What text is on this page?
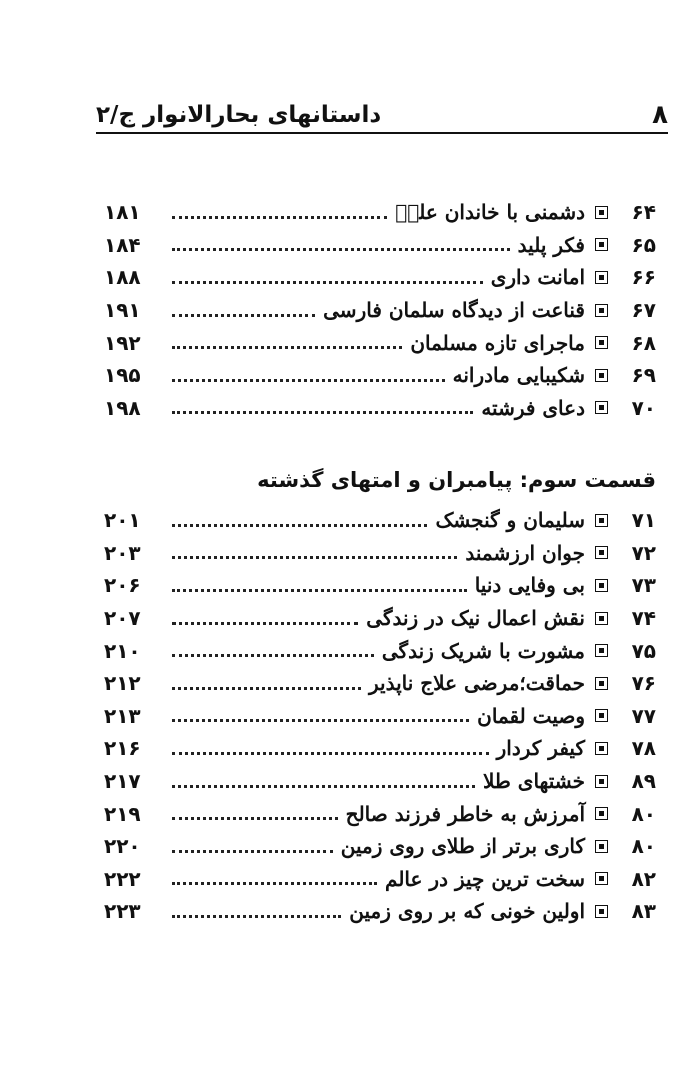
۸
داستانهای بحارالانوار ج/۲
۶۴
دشمنی با خاندان علیؑ
۱۸۱
۶۵
فکر پلید
۱۸۴
۶۶
امانت داری
۱۸۸
۶۷
قناعت از دیدگاه سلمان فارسی
۱۹۱
۶۸
ماجرای تازه مسلمان
۱۹۲
۶۹
شکیبایی مادرانه
۱۹۵
۷۰
دعای فرشته
۱۹۸
قسمت سوم: پیامبران و امتهای گذشته
۷۱
سلیمان و گنجشک
۲۰۱
۷۲
جوان ارزشمند
۲۰۳
۷۳
بی وفایی دنیا
۲۰۶
۷۴
نقش اعمال نیک در زندگی
۲۰۷
۷۵
مشورت با شریک زندگی
۲۱۰
۷۶
حماقت؛مرضی علاج ناپذیر
۲۱۲
۷۷
وصیت لقمان
۲۱۳
۷۸
کیفر کردار
۲۱۶
۸۹
خشتهای طلا
۲۱۷
۸۰
آمرزش به خاطر فرزند صالح
۲۱۹
۸۰
کاری برتر از طلای روی زمین
۲۲۰
۸۲
سخت ترین چیز در عالم
۲۲۲
۸۳
اولین خونی که بر روی زمین
۲۲۳
